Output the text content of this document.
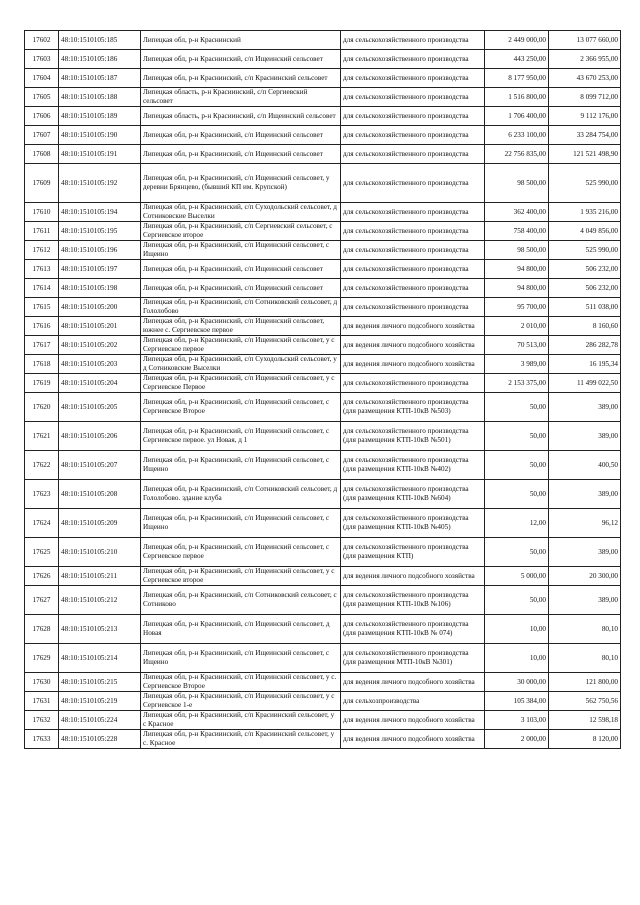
17602	48:10:1510105:185	Липецкая обл, р-н Краснинский	для сельскохозяйственного производства	2 449 000,00	13 077 660,00
17603	48:10:1510105:186	Липецкая обл, р-н Краснинский, с/п Ищеинский сельсовет	для сельскохозяйственного производства	443 250,00	2 366 955,00
17604	48:10:1510105:187	Липецкая обл, р-н Краснинский, с/п Краснинский сельсовет	для сельскохозяйственного производства	8 177 950,00	43 670 253,00
17605	48:10:1510105:188	Липецкая область, р-н Красиинский, с/п Сергиевский сельсовет	для сельскохозяйственного производства	1 516 800,00	8 099 712,00
17606	48:10:1510105:189	Липецкая область, р-н Красиинский, с/п Ищеинский сельсовет	для сельскохозяйственного производства	1 706 400,00	9 112 176,00
17607	48:10:1510105:190	Липецкая обл, р-н Красиинский, с/п Ищеинский сельсовет	для сельскохозяйственного производства	6 233 100,00	33 284 754,00
17608	48:10:1510105:191	Липецкая обл, р-н Красиинский, с/п Ищеинский сельсовет	для сельскохозяйственного производства	22 756 835,00	121 521 498,90
17609	48:10:1510105:192	Липецкая обл, р-н Красиинский, с/п Ищеинский сельсовет, у деревни Брянцево, (бывший КП им. Крупской)	для сельскохозяйственного производства	98 500,00	525 990,00
17610	48:10:1510105:194	Липецкая обл, р-н Красиинский, с/п Суходольский сельсовет, д Сотниковские Выселки	для сельскохозяйственного производства	362 400,00	1 935 216,00
17611	48:10:1510105:195	Липецкая обл, р-н Красиинский, с/п Сергиевский сельсовет, с Сергиевское второе	для сельскохозяйственного производства	758 400,00	4 049 856,00
17612	48:10:1510105:196	Липецкая обл, р-н Красиинский, с/п Ищеинский сельсовет, с Ищеино	для сельскохозяйственного производства	98 500,00	525 990,00
17613	48:10:1510105:197	Липецкая обл, р-н Красиинский, с/п Ищеинский сельсовет	для сельскохозяйственного производства	94 800,00	506 232,00
17614	48:10:1510105:198	Липецкая обл, р-н Красиинский, с/п Ищеинский сельсовет	для сельскохозяйственного производства	94 800,00	506 232,00
17615	48:10:1510105:200	Липецкая обл, р-н Красиинский, с/п Сотниковский сельсовет, д Гололобово	для сельскохозяйственного производства	95 700,00	511 038,00
17616	48:10:1510105:201	Липецкая обл, р-н Красиинский, с/п Ищеинский сельсовет, южнее с. Сергиевское первое	для ведения личного подсобного хозяйства	2 010,00	8 160,60
17617	48:10:1510105:202	Липецкая обл, р-н Красиинский, с/п Ищеинский сельсовет, у с Сергиевское первое	для ведения личного подсобного хозяйства	70 513,00	286 282,78
17618	48:10:1510105:203	Липецкая обл, р-н Красиинский, с/п Суходольский сельсовет, у д Сотниковские Выселки	для ведения личного подсобного хозяйства	3 989,00	16 195,34
17619	48:10:1510105:204	Липецкая обл, р-н Красиинский, с/п Ищеинский сельсовет, у с Сергиевское Первое	для сельскохозяйственного производства	2 153 375,00	11 499 022,50
17620	48:10:1510105:205	Липецкая обл, р-н Красиинский, с/п Ищеинский сельсовет, с Сергиевское Второе	для сельскохозяйственного производства (для размещения КТП-10кВ №503)	50,00	389,00
17621	48:10:1510105:206	Липецкая обл, р-н Красиинский, с/п Ищеинский сельсовет, с Сергиевское первое. ул Новая, д 1	для сельскохозяйственного производства (для размещения КТП-10кВ №501)	50,00	389,00
17622	48:10:1510105:207	Липецкая обл, р-н Красиинский, с/п Ищеинский сельсовет, с Ищеино	для сельскохозяйственного производства (для размещения КТП-10кВ №402)	50,00	400,50
17623	48:10:1510105:208	Липецкая обл, р-н Красиинский, с/п Сотниковский сельсовет, д Гололобово. здание клуба	для сельскохозяйственного производства (для размещения КТП-10кВ №604)	50,00	389,00
17624	48:10:1510105:209	Липецкая обл, р-н Красиинский, с/п Ищеинский сельсовет, с Ищеино	для сельскохозяйственного производства (для размещения КТП-10кВ №405)	12,00	96,12
17625	48:10:1510105:210	Липецкая обл, р-н Красиинский, с/п Ищеинский сельсовет, с Сергиевское первое	для сельскохозяйственного производства (для размещения КТП)	50,00	389,00
17626	48:10:1510105:211	Липецкая обл, р-н Красиинский, с/п Ищеинский сельсовет, у с Сергиевское второе	для ведения личного подсобного хозяйства	5 000,00	20 300,00
17627	48:10:1510105:212	Липецкая обл, р-н Красиинский, с/п Сотниковский сельсовет, с Сотниково	для сельскохозяйственного производства (для размещения КТП-10кВ №106)	50,00	389,00
17628	48:10:1510105:213	Липецкая обл, р-н Красиинский, с/п Ищеинский сельсовет, д Новая	для сельскохозяйственного производства (для размещения КТП-10кВ № 074)	10,00	80,10
17629	48:10:1510105:214	Липецкая обл, р-н Красиинский, с/п Ищеинский сельсовет, с Ищеино	для сельскохозяйственного производства (для размещения МТП-10кВ №301)	10,00	80,10
17630	48:10:1510105:215	Липецкая обл, р-н Красиинский, с/п Ищеинский сельсовет, у с. Сергиевское Второе	для ведения личного подсобного хозяйства	30 000,00	121 800,00
17631	48:10:1510105:219	Липецкая обл, р-н Красиинский, с/п Ищеинский сельсовет, у с Сергиевское 1-е	для сельхозпроизводства	105 384,00	562 750,56
17632	48:10:1510105:224	Липецкая обл, р-н Красиинский, с/п Красиинский сельсовет, у с Красное	для ведения личного подсобного хозяйства	3 103,00	12 598,18
17633	48:10:1510105:228	Липецкая обл, р-н Красиинский, с/п Красиинский сельсовет, у с. Красное	для ведения личного подсобного хозяйства	2 000,00	8 120,00
